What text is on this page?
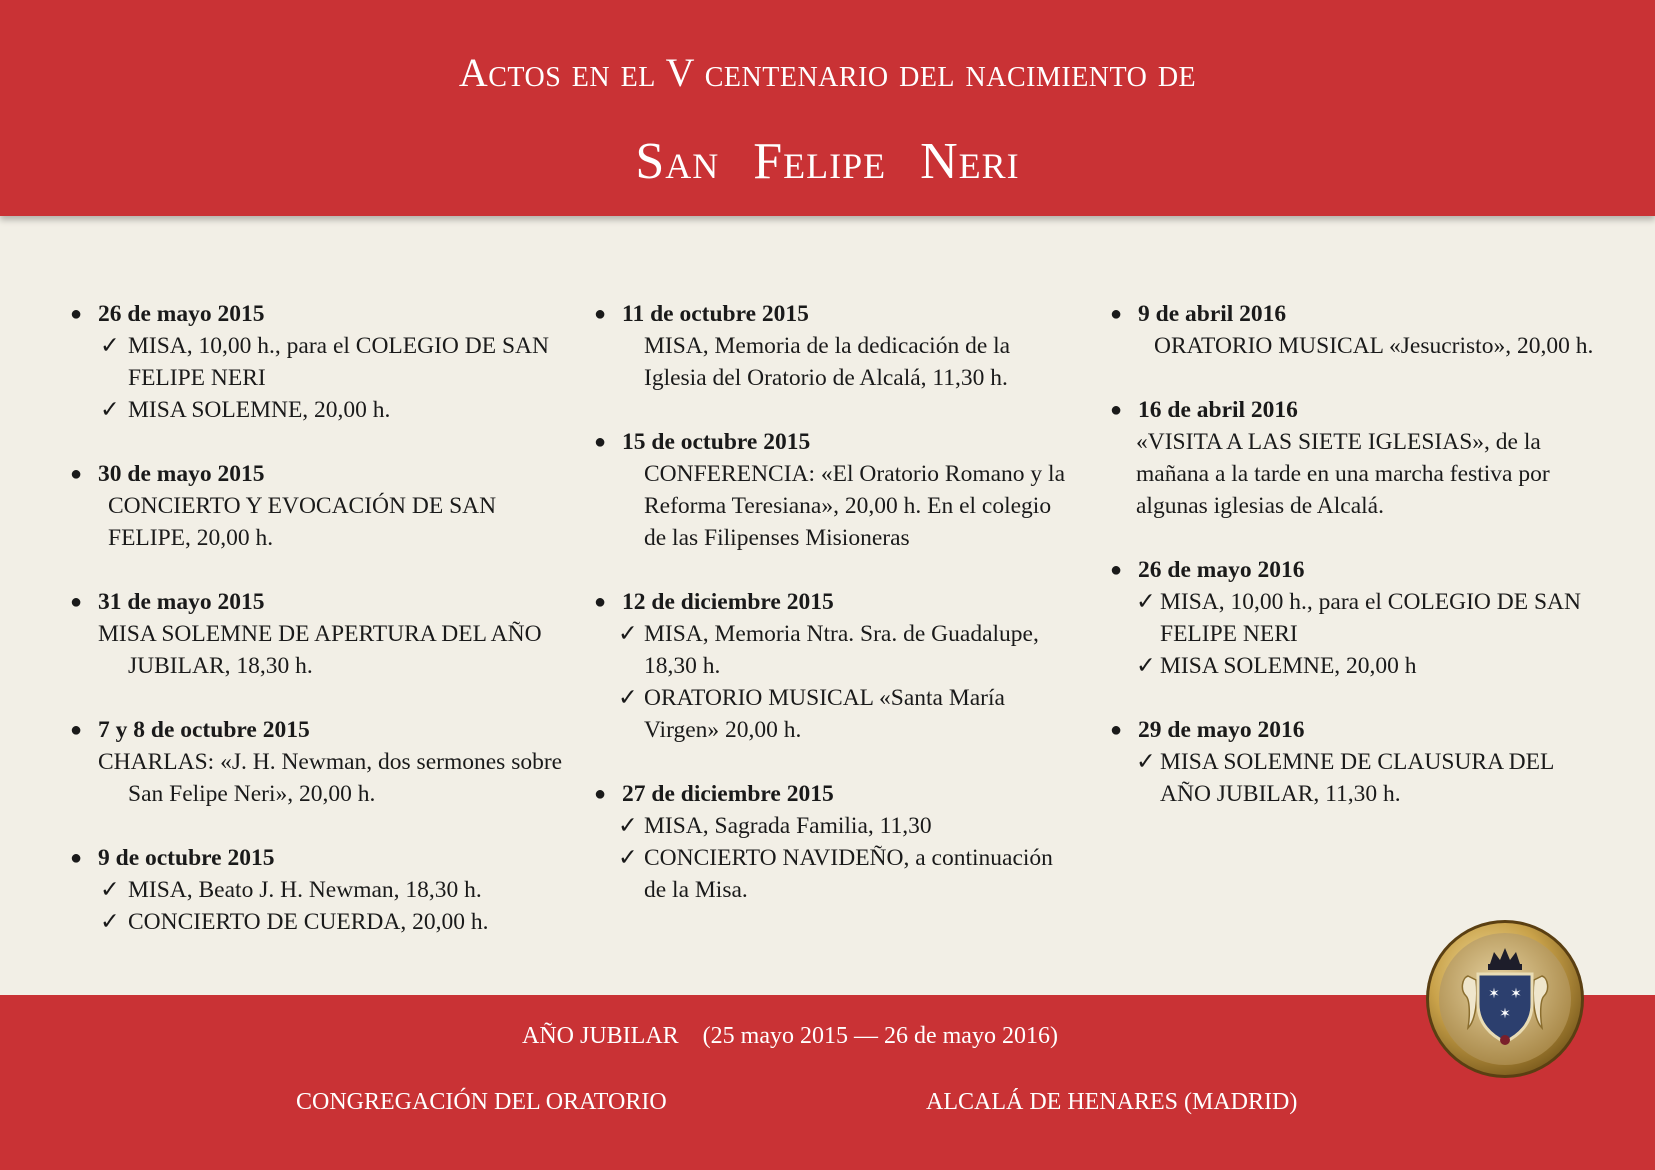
Actos en el V centenario del nacimiento de
San Felipe Neri
● 26 de mayo 2015
✓ MISA, 10,00 h., para el COLEGIO DE SAN FELIPE NERI
✓ MISA SOLEMNE, 20,00 h.
● 30 de mayo 2015
CONCIERTO Y EVOCACIÓN DE SAN FELIPE, 20,00 h.
● 31 de mayo 2015
MISA SOLEMNE DE APERTURA DEL AÑO JUBILAR, 18,30 h.
● 7 y 8 de octubre 2015
CHARLAS: «J. H. Newman, dos sermones sobre San Felipe Neri», 20,00 h.
● 9 de octubre 2015
✓ MISA, Beato J. H. Newman, 18,30 h.
✓ CONCIERTO DE CUERDA, 20,00 h.
● 11 de octubre 2015
MISA, Memoria de la dedicación de la Iglesia del Oratorio de Alcalá, 11,30 h.
● 15 de octubre 2015
CONFERENCIA: «El Oratorio Romano y la Reforma Teresiana», 20,00 h. En el colegio de las Filipenses Misioneras
● 12 de diciembre 2015
✓ MISA, Memoria Ntra. Sra. de Guadalupe, 18,30 h.
✓ ORATORIO MUSICAL «Santa María Virgen» 20,00 h.
● 27 de diciembre 2015
✓ MISA, Sagrada Familia, 11,30
✓ CONCIERTO NAVIDEÑO, a continuación de la Misa.
● 9 de abril 2016
ORATORIO MUSICAL «Jesucristo», 20,00 h.
● 16 de abril 2016
«VISITA A LAS SIETE IGLESIAS», de la mañana a la tarde en una marcha festiva por algunas iglesias de Alcalá.
● 26 de mayo 2016
✓ MISA, 10,00 h., para el COLEGIO DE SAN FELIPE NERI
✓ MISA SOLEMNE, 20,00 h
● 29 de mayo 2016
✓ MISA SOLEMNE DE CLAUSURA DEL AÑO JUBILAR, 11,30 h.
AÑO JUBILAR (25 mayo 2015 — 26 de mayo 2016)
CONGREGACIÓN DEL ORATORIO	ALCALÁ DE HENARES (MADRID)
✶ ✶
✶
